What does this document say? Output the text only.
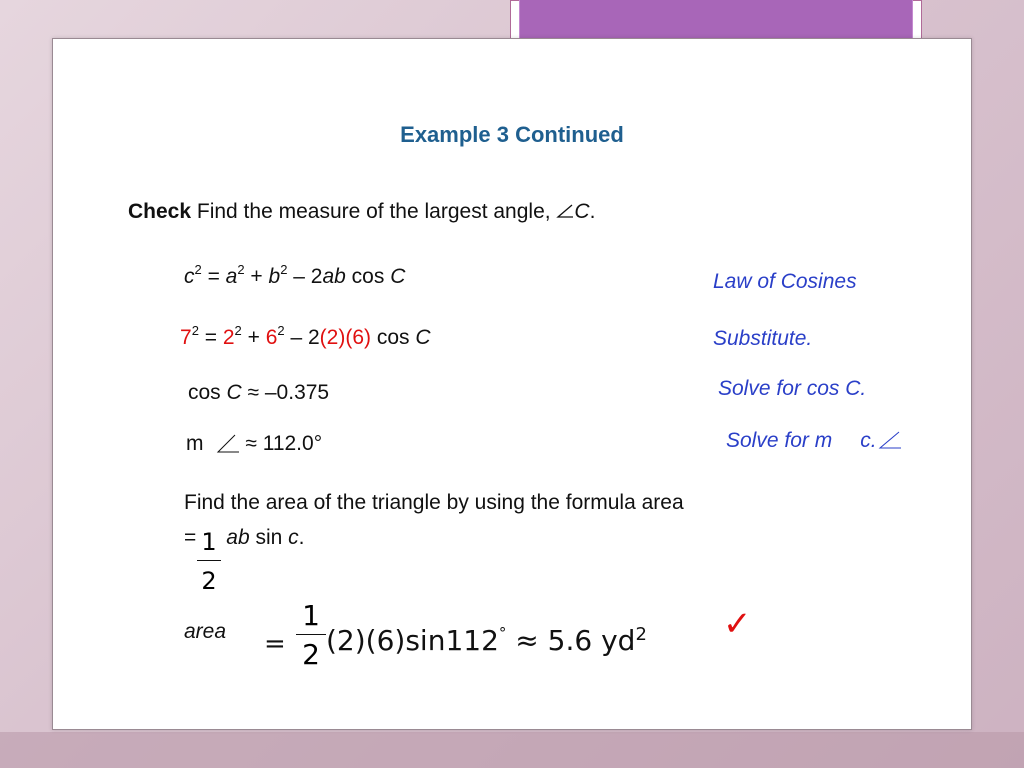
Example 3 Continued
Check Find the measure of the largest angle, C.
$c^2 = a^2 + b^2 - 2ab$ cos C
$7^2 = 2^2 + 6^2 - 2(2)(6)$ cos C
cos C ≈ –0.375
m ≈ 112.0°
Law of Cosines
Substitute.
Solve for cos C.
Solve for m c.
Find the area of the triangle by using the formula area
= ab sin c.
1
2
area =
1
2 (2)(6)sin112° ≈ 5.6 $yd^2$ ✓
